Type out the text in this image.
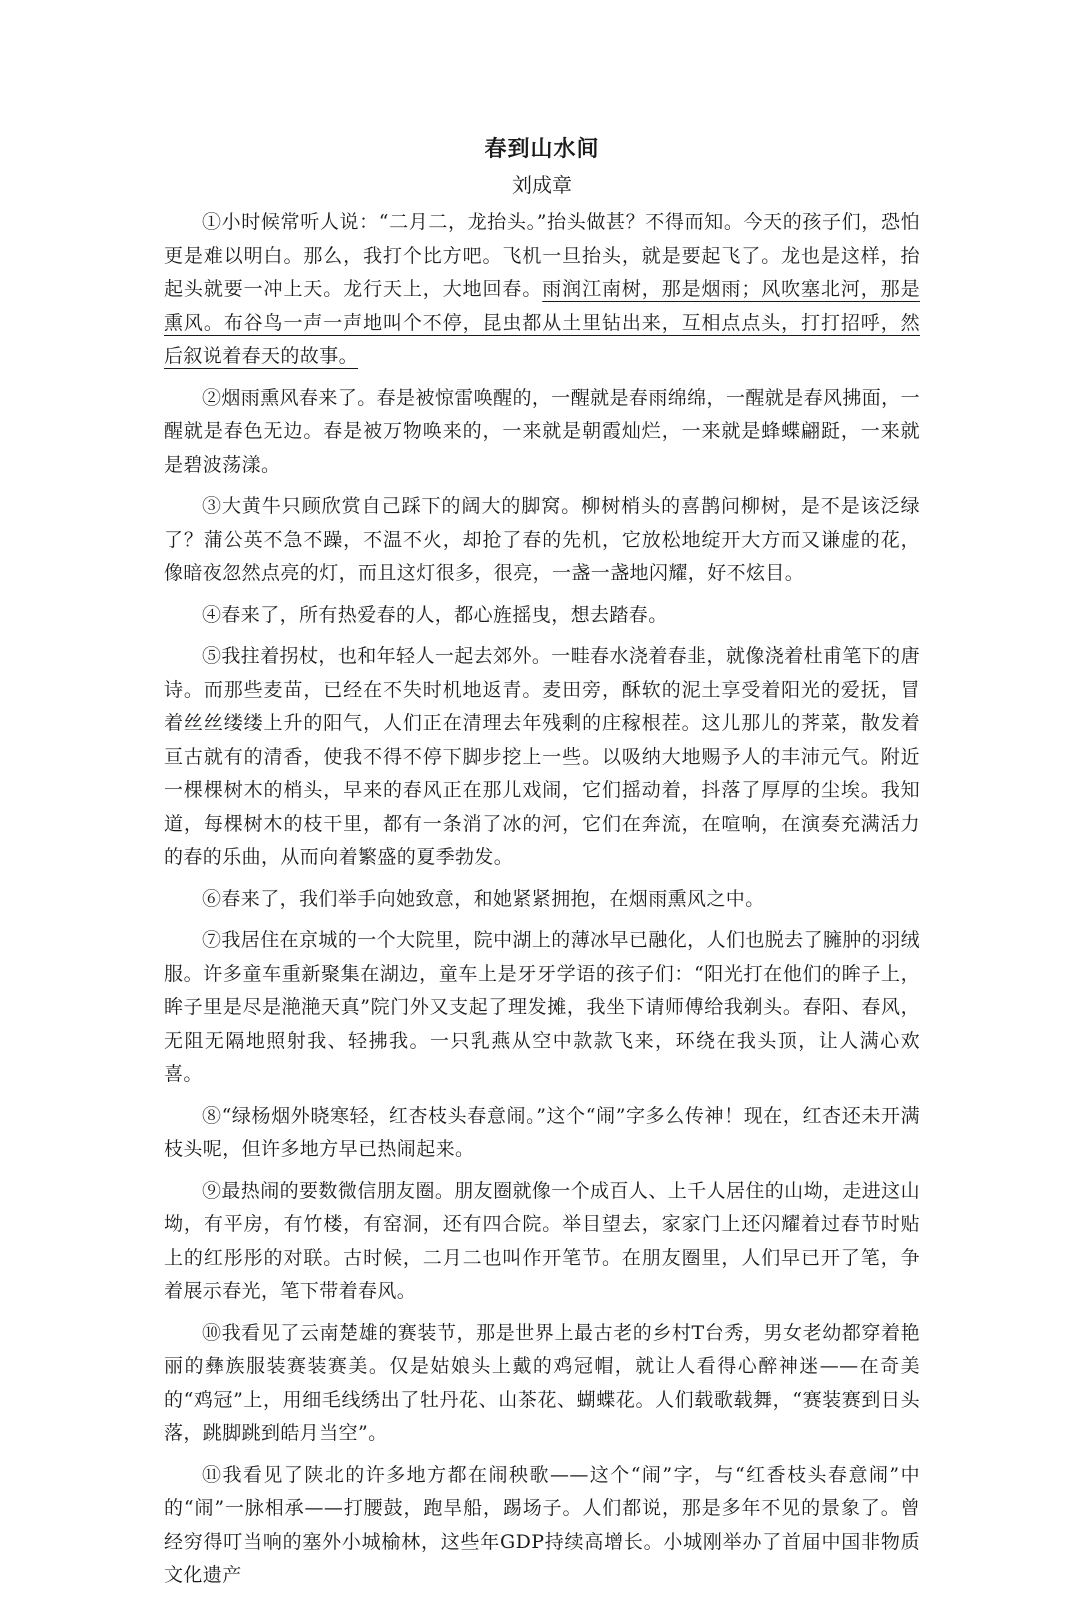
春到山水间
刘成章

①小时候常听人说：“二月二，龙抬头。”抬头做甚？不得而知。今天的孩子们，恐怕更是难以明白。那么，我打个比方吧。飞机一旦抬头，就是要起飞了。龙也是这样，抬起头就要一冲上天。龙行天上，大地回春。雨润江南树，那是烟雨；风吹塞北河，那是熏风。布谷鸟一声一声地叫个不停，昆虫都从土里钻出来，互相点点头，打打招呼，然后叙说着春天的故事。

②烟雨熏风春来了。春是被惊雷唤醒的，一醒就是春雨绵绵，一醒就是春风拂面，一醒就是春色无边。春是被万物唤来的，一来就是朝霞灿烂，一来就是蜂蝶翩跹，一来就是碧波荡漾。

③大黄牛只顾欣赏自己踩下的阔大的脚窝。柳树梢头的喜鹊问柳树，是不是该泛绿了？蒲公英不急不躁，不温不火，却抢了春的先机，它放松地绽开大方而又谦虚的花，像暗夜忽然点亮的灯，而且这灯很多，很亮，一盏一盏地闪耀，好不炫目。

④春来了，所有热爱春的人，都心旌摇曳，想去踏春。

⑤我拄着拐杖，也和年轻人一起去郊外。一畦春水浇着春韭，就像浇着杜甫笔下的唐诗。而那些麦苗，已经在不失时机地返青。麦田旁，酥软的泥土享受着阳光的爱抚，冒着丝丝缕缕上升的阳气，人们正在清理去年残剩的庄稼根茬。这儿那儿的荠菜，散发着亘古就有的清香，使我不得不停下脚步挖上一些。以吸纳大地赐予人的丰沛元气。附近一棵棵树木的梢头，早来的春风正在那儿戏闹，它们摇动着，抖落了厚厚的尘埃。我知道，每棵树木的枝干里，都有一条消了冰的河，它们在奔流，在喧响，在演奏充满活力的春的乐曲，从而向着繁盛的夏季勃发。

⑥春来了，我们举手向她致意，和她紧紧拥抱，在烟雨熏风之中。

⑦我居住在京城的一个大院里，院中湖上的薄冰早已融化，人们也脱去了臃肿的羽绒服。许多童车重新聚集在湖边，童车上是牙牙学语的孩子们：“阳光打在他们的眸子上，眸子里是尽是滟滟天真”院门外又支起了理发摊，我坐下请师傅给我剃头。春阳、春风，无阻无隔地照射我、轻拂我。一只乳燕从空中款款飞来，环绕在我头顶，让人满心欢喜。

⑧“绿杨烟外晓寒轻，红杏枝头春意闹。”这个“闹”字多么传神！现在，红杏还未开满枝头呢，但许多地方早已热闹起来。

⑨最热闹的要数微信朋友圈。朋友圈就像一个成百人、上千人居住的山坳，走进这山坳，有平房，有竹楼，有窑洞，还有四合院。举目望去，家家门上还闪耀着过春节时贴上的红彤彤的对联。古时候，二月二也叫作开笔节。在朋友圈里，人们早已开了笔，争着展示春光，笔下带着春风。

⑩我看见了云南楚雄的赛装节，那是世界上最古老的乡村T台秀，男女老幼都穿着艳丽的彝族服装赛装赛美。仅是姑娘头上戴的鸡冠帽，就让人看得心醉神迷——在奇美的“鸡冠”上，用细毛线绣出了牡丹花、山茶花、蝴蝶花。人们载歌载舞，“赛装赛到日头落，跳脚跳到皓月当空”。

⑪我看见了陕北的许多地方都在闹秧歌——这个“闹”字，与“红香枝头春意闹”中的“闹”一脉相承——打腰鼓，跑旱船，踢场子。人们都说，那是多年不见的景象了。曾经穷得叮当响的塞外小城榆林，这些年GDP持续高增长。小城刚举办了首届中国非物质文化遗产
